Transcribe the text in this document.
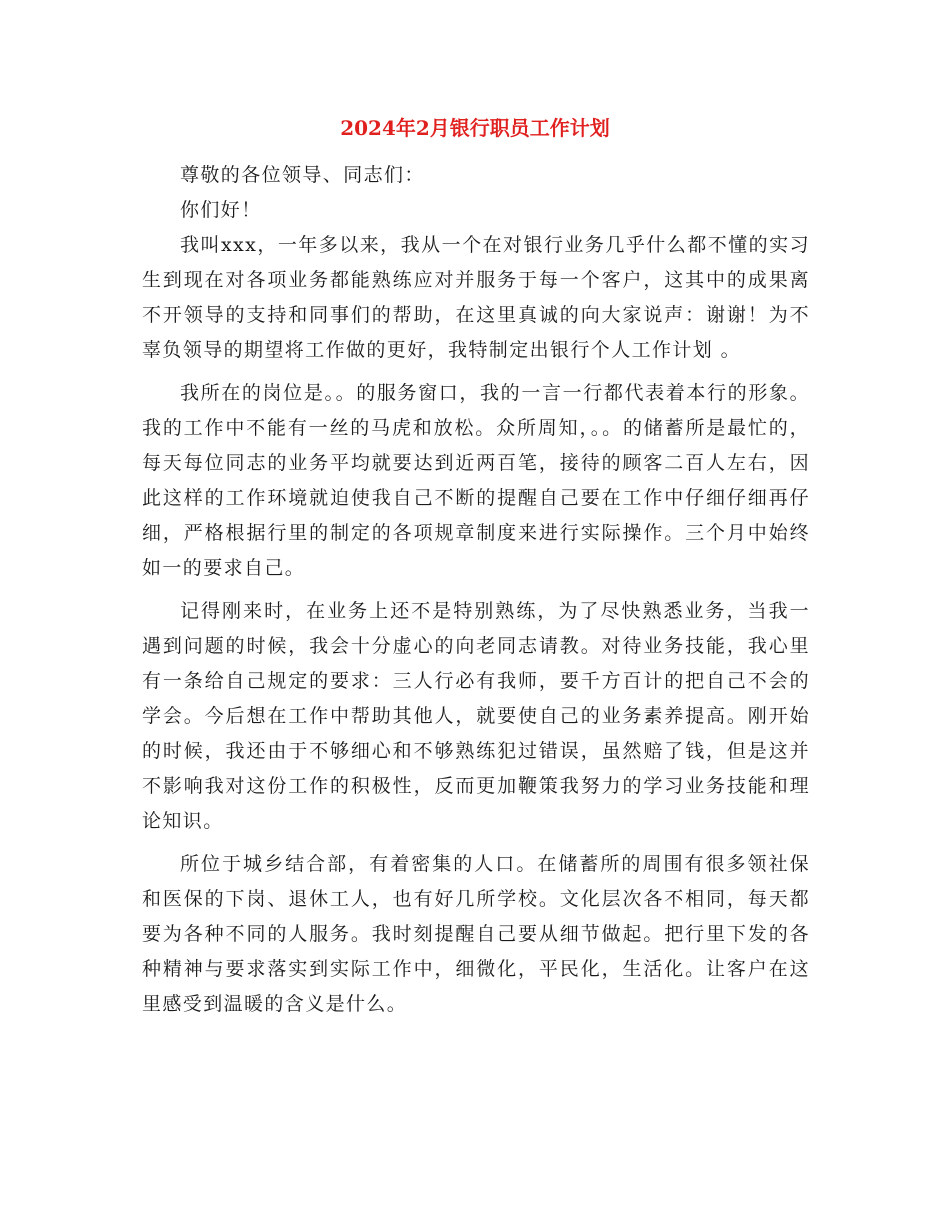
2024年2月银行职员工作计划

尊敬的各位领导、同志们：

你们好！

我叫xxx，一年多以来，我从一个在对银行业务几乎什么都不懂的实习生到现在对各项业务都能熟练应对并服务于每一个客户，这其中的成果离不开领导的支持和同事们的帮助，在这里真诚的向大家说声：谢谢！为不辜负领导的期望将工作做的更好，我特制定出银行个人工作计划 。

我所在的岗位是。。的服务窗口，我的一言一行都代表着本行的形象。我的工作中不能有一丝的马虎和放松。众所周知，。。的储蓄所是最忙的，每天每位同志的业务平均就要达到近两百笔，接待的顾客二百人左右，因此这样的工作环境就迫使我自己不断的提醒自己要在工作中仔细仔细再仔细，严格根据行里的制定的各项规章制度来进行实际操作。三个月中始终如一的要求自己。

记得刚来时，在业务上还不是特别熟练，为了尽快熟悉业务，当我一遇到问题的时候，我会十分虚心的向老同志请教。对待业务技能，我心里有一条给自己规定的要求：三人行必有我师，要千方百计的把自己不会的学会。今后想在工作中帮助其他人，就要使自己的业务素养提高。刚开始的时候，我还由于不够细心和不够熟练犯过错误，虽然赔了钱，但是这并不影响我对这份工作的积极性，反而更加鞭策我努力的学习业务技能和理论知识。

所位于城乡结合部，有着密集的人口。在储蓄所的周围有很多领社保和医保的下岗、退休工人，也有好几所学校。文化层次各不相同，每天都要为各种不同的人服务。我时刻提醒自己要从细节做起。把行里下发的各种精神与要求落实到实际工作中，细微化，平民化，生活化。让客户在这里感受到温暖的含义是什么。
